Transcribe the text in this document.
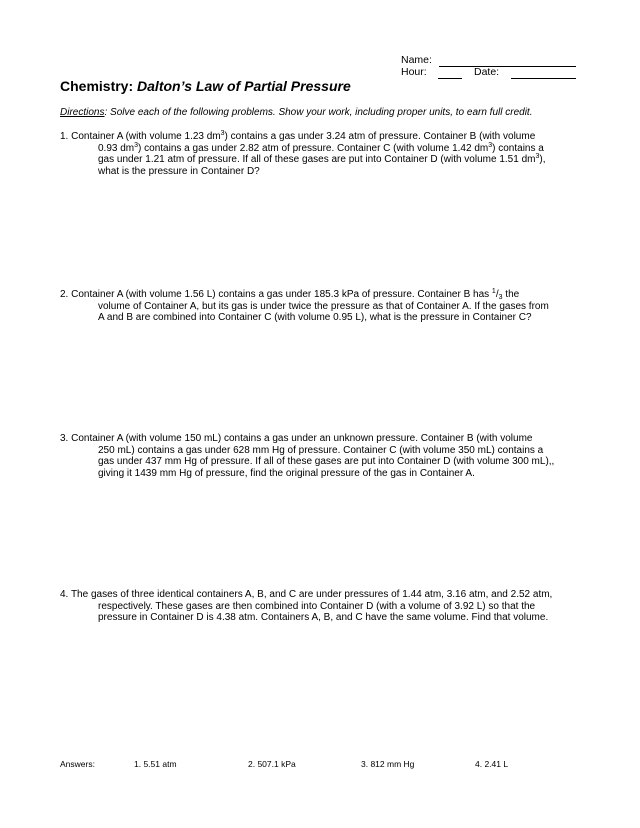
Name:
Hour:	Date:
Chemistry: Dalton’s Law of Partial Pressure
Directions: Solve each of the following problems. Show your work, including proper units, to earn full credit.
1. Container A (with volume 1.23 $dm^3$) contains a gas under 3.24 atm of pressure. Container B (with volume
0.93 $dm^3$) contains a gas under 2.82 atm of pressure. Container C (with volume 1.42 $dm^3$) contains a
gas under 1.21 atm of pressure. If all of these gases are put into Container D (with volume 1.51 $dm^3$),
what is the pressure in Container D?
2. Container A (with volume 1.56 L) contains a gas under 185.3 kPa of pressure. Container B has $^1/_3$ the
volume of Container A, but its gas is under twice the pressure as that of Container A. If the gases from
A and B are combined into Container C (with volume 0.95 L), what is the pressure in Container C?
3. Container A (with volume 150 mL) contains a gas under an unknown pressure. Container B (with volume
250 mL) contains a gas under 628 mm Hg of pressure. Container C (with volume 350 mL) contains a
gas under 437 mm Hg of pressure. If all of these gases are put into Container D (with volume 300 mL),,
giving it 1439 mm Hg of pressure, find the original pressure of the gas in Container A.
4. The gases of three identical containers A, B, and C are under pressures of 1.44 atm, 3.16 atm, and 2.52 atm,
respectively. These gases are then combined into Container D (with a volume of 3.92 L) so that the
pressure in Container D is 4.38 atm. Containers A, B, and C have the same volume. Find that volume.
Answers:	1. 5.51 atm	2. 507.1 kPa	3. 812 mm Hg	4. 2.41 L
